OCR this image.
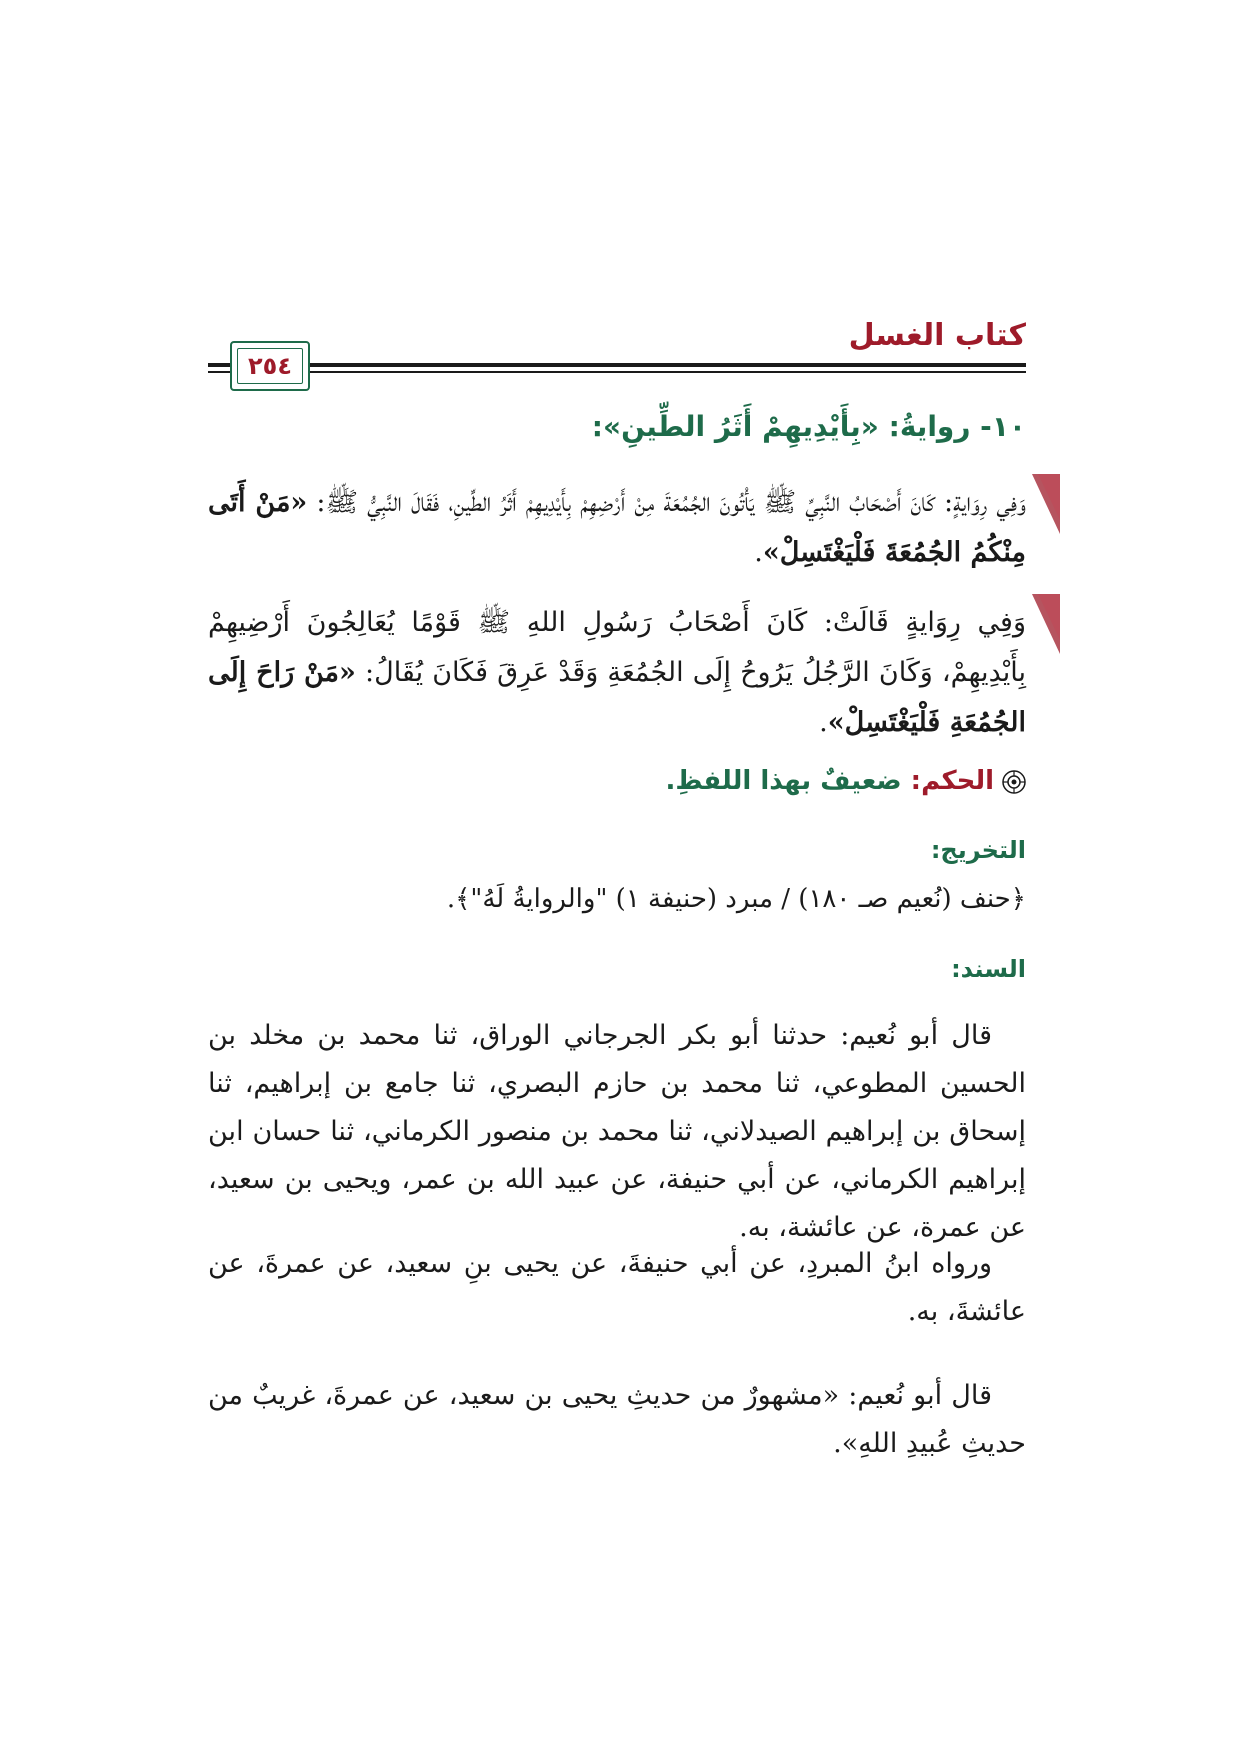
كتاب الغسل
٢٥٤
١٠- روايةُ: «بِأَيْدِيهِمْ أَثَرُ الطِّينِ»:
وَفِي رِوَايةٍ: كَانَ أَصْحَابُ النَّبِيِّ ﷺ يَأْتُونَ الجُمُعَةَ مِنْ أَرْضِهِمْ بِأَيْدِيهِمْ أَثَرُ الطِّينِ، فَقَالَ النَّبِيُّ ﷺ: «مَنْ أَتَى مِنْكُمُ الجُمُعَةَ فَلْيَغْتَسِلْ».
وَفِي رِوَايةٍ قَالَتْ: كَانَ أَصْحَابُ رَسُولِ اللهِ ﷺ قَوْمًا يُعَالِجُونَ أَرْضِيهِمْ بِأَيْدِيهِمْ، وَكَانَ الرَّجُلُ يَرُوحُ إِلَى الجُمُعَةِ وَقَدْ عَرِقَ فَكَانَ يُقَالُ: «مَنْ رَاحَ إِلَى الجُمُعَةِ فَلْيَغْتَسِلْ».
الحكم: ضعيفٌ بهذا اللفظِ.
التخريج:
﴿حنف (نُعيم صـ ١٨٠) / مبرد (حنيفة ١) "والروايةُ لَهُ"﴾.
السند:

قال أبو نُعيم: حدثنا أبو بكر الجرجاني الوراق، ثنا محمد بن مخلد بن الحسين المطوعي، ثنا محمد بن حازم البصري، ثنا جامع بن إبراهيم، ثنا إسحاق بن إبراهيم الصيدلاني، ثنا محمد بن منصور الكرماني، ثنا حسان ابن إبراهيم الكرماني، عن أبي حنيفة، عن عبيد الله بن عمر، ويحيى بن سعيد، عن عمرة، عن عائشة، به.

ورواه ابنُ المبردِ، عن أبي حنيفةَ، عن يحيى بنِ سعيد، عن عمرةَ، عن عائشةَ، به.

قال أبو نُعيم: «مشهورٌ من حديثِ يحيى بن سعيد، عن عمرةَ، غريبٌ من حديثِ عُبيدِ اللهِ».
